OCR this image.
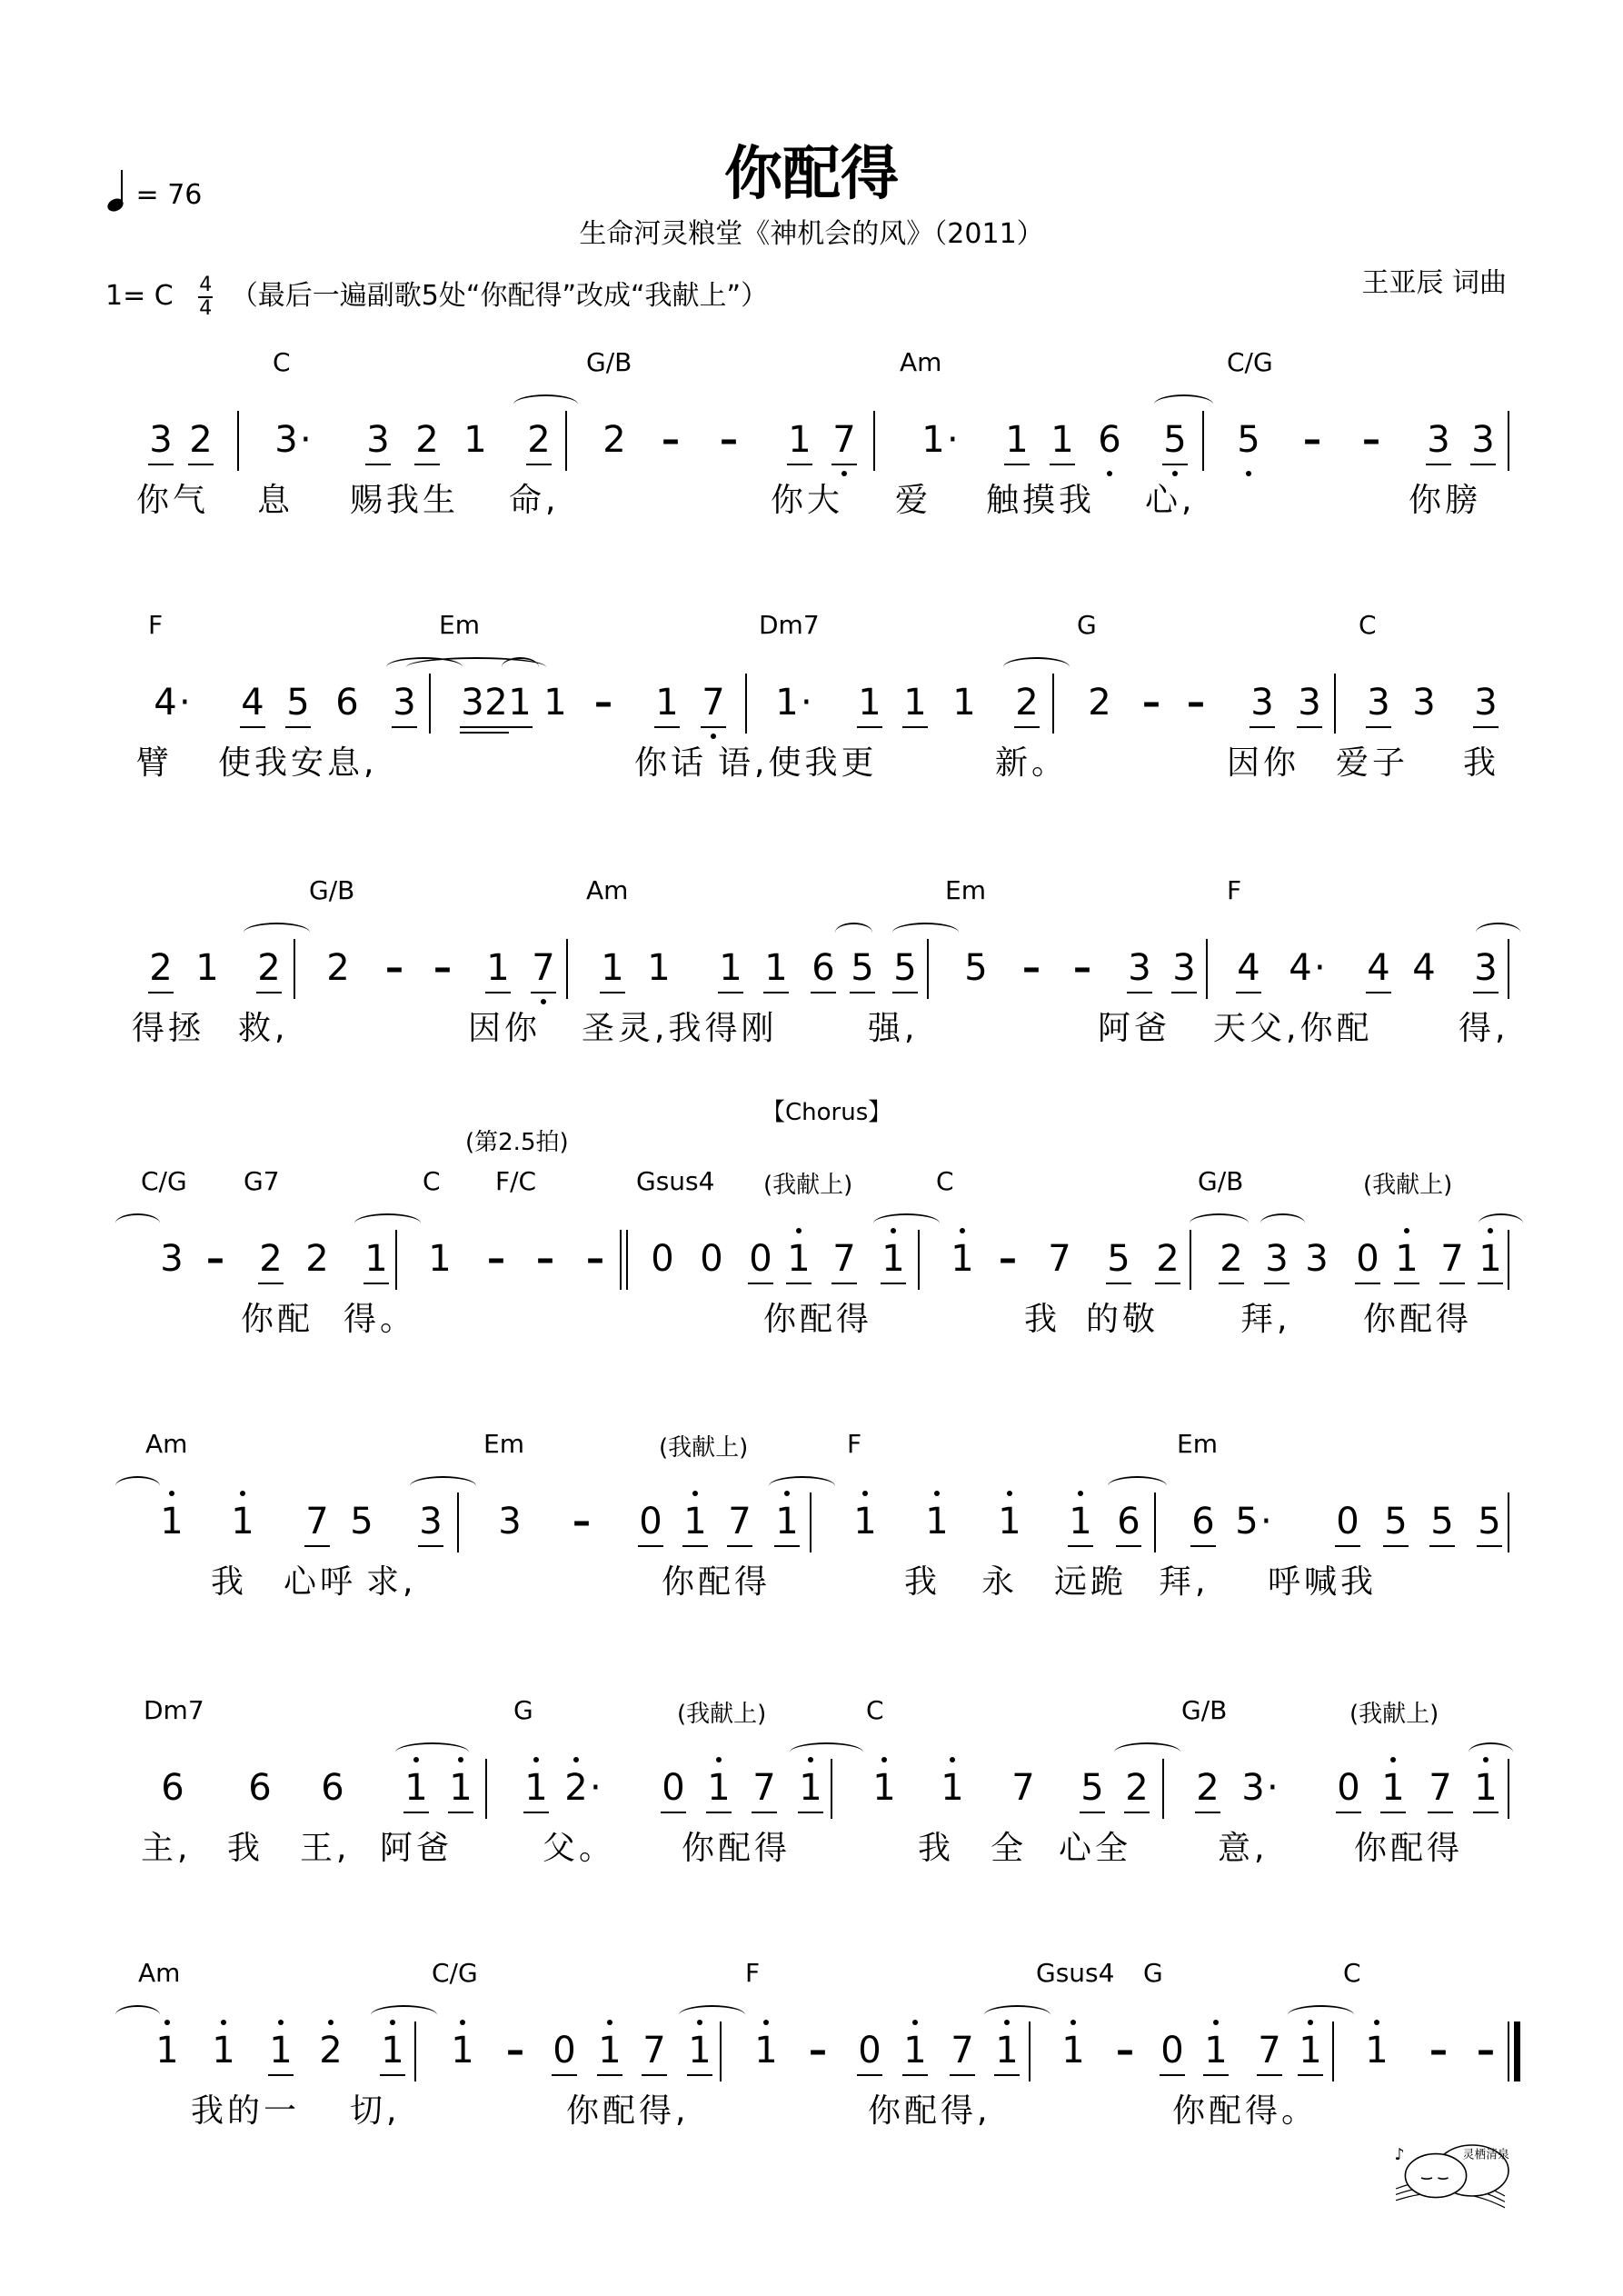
= 76	你配得
生命河灵粮堂《神机会的风》（2011）
1= C $\frac{4}{4}$ （最后一遍副歌5处“你配得”改成“我献上”）	王亚辰 词曲
C	G/B	Am	C/G
3 2 3 · 3 2 1 2 2 – – 1 7 1 · 1 1 6 5 5 – – 3 3
你气 息 赐我生 命,	你大 爱 触摸我 心,	你膀
F	Em	Dm7	G	C
4 · 4 5 6 3 3 2 1 1 – 1 7 1 · 1 1 1 2 2 – – 3 3 3 3 3
臂 使我安息,	你话 语,使我更	新。	因你 爱子 我
G/B	Am	Em	F
2 1 2 2 – – 1 7 1 1 1 1 6 5 5 5 – – 3 3 4 4 · 4 4 3
得拯 救,	因你 圣灵,我得刚	强,	阿爸 天父,你配	得,
C/G G7	C F/C	Gsus4	C	G/B
(第2.5拍)
【Chorus】
(我献上)	(我献上)
3 – 2 2 1 1 – – – 0 0 0 1 7 1 1 – 7 5 2 2 3 3 0 1 7 1
你配 得。	你配得	我 的敬 拜, 你配得
Am	Em	F	Em
(我献上)
1 1 7 5 3 3 – 0 1 7 1 1 1 1 1 6 6 5 · 0 5 5 5
我 心呼 求,	你配得	我 永 远跪 拜, 呼喊我
Dm7	G	C	G/B
(我献上)	(我献上)
6 6 6 1 1 1 2 · 0 1 7 1 1 1 7 5 2 2 3 · 0 1 7 1
主, 我 王, 阿爸	父。 你配得	我 全 心全	意,	你配得
Am	C/G	F	Gsus4 G	C
1 1 1 2 1 1 – 0 1 7 1 1 – 0 1 7 1 1 – 0 1 7 1 1 – –
我 的一 切,	你配得,	你配得,	你配得。
灵栖清泉
♪
